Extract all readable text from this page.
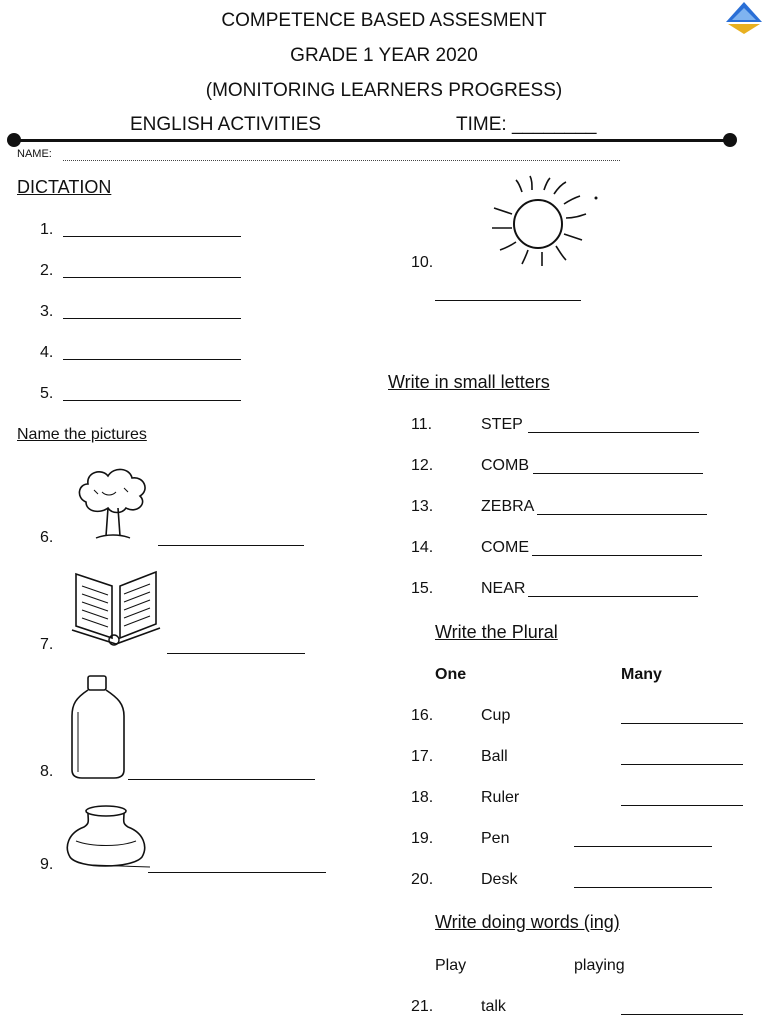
COMPETENCE BASED ASSESMENT
GRADE 1 YEAR 2020
(MONITORING LEARNERS PROGRESS)
ENGLISH ACTIVITIES	TIME: ________
NAME:
DICTATION
1.
2.
3.
4.
5.
Name the pictures
6.
7.
8.
9.
10.
Write in small letters
11.	STEP
12.	COMB
13.	ZEBRA
14.	COME
15.	NEAR
Write the Plural
One	Many
16.	Cup
17.	Ball
18.	Ruler
19.	Pen
20.	Desk
Write doing words (ing)
Play	playing
21.	talk
